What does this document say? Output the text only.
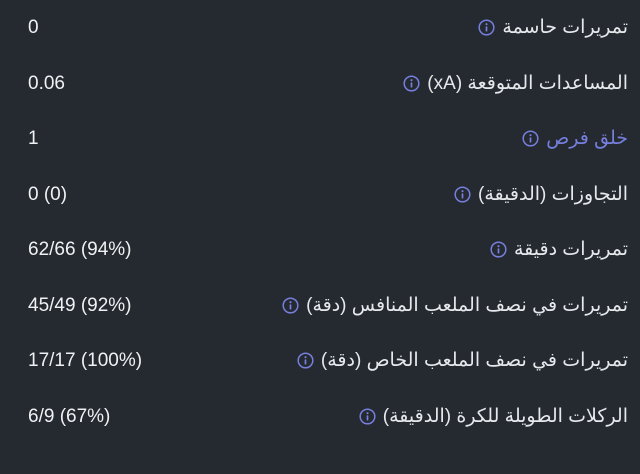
تمريرات حاسمة
0
المساعدات المتوقعة (xA)
0.06
خلق فرص
1
التجاوزات (الدقيقة)
0 (0)
تمريرات دقيقة
62/66 (94%)
تمريرات في نصف الملعب المنافس (دقة)
45/49 (92%)
تمريرات في نصف الملعب الخاص (دقة)
17/17 (100%)
الركلات الطويلة للكرة (الدقيقة)
6/9 (67%)
